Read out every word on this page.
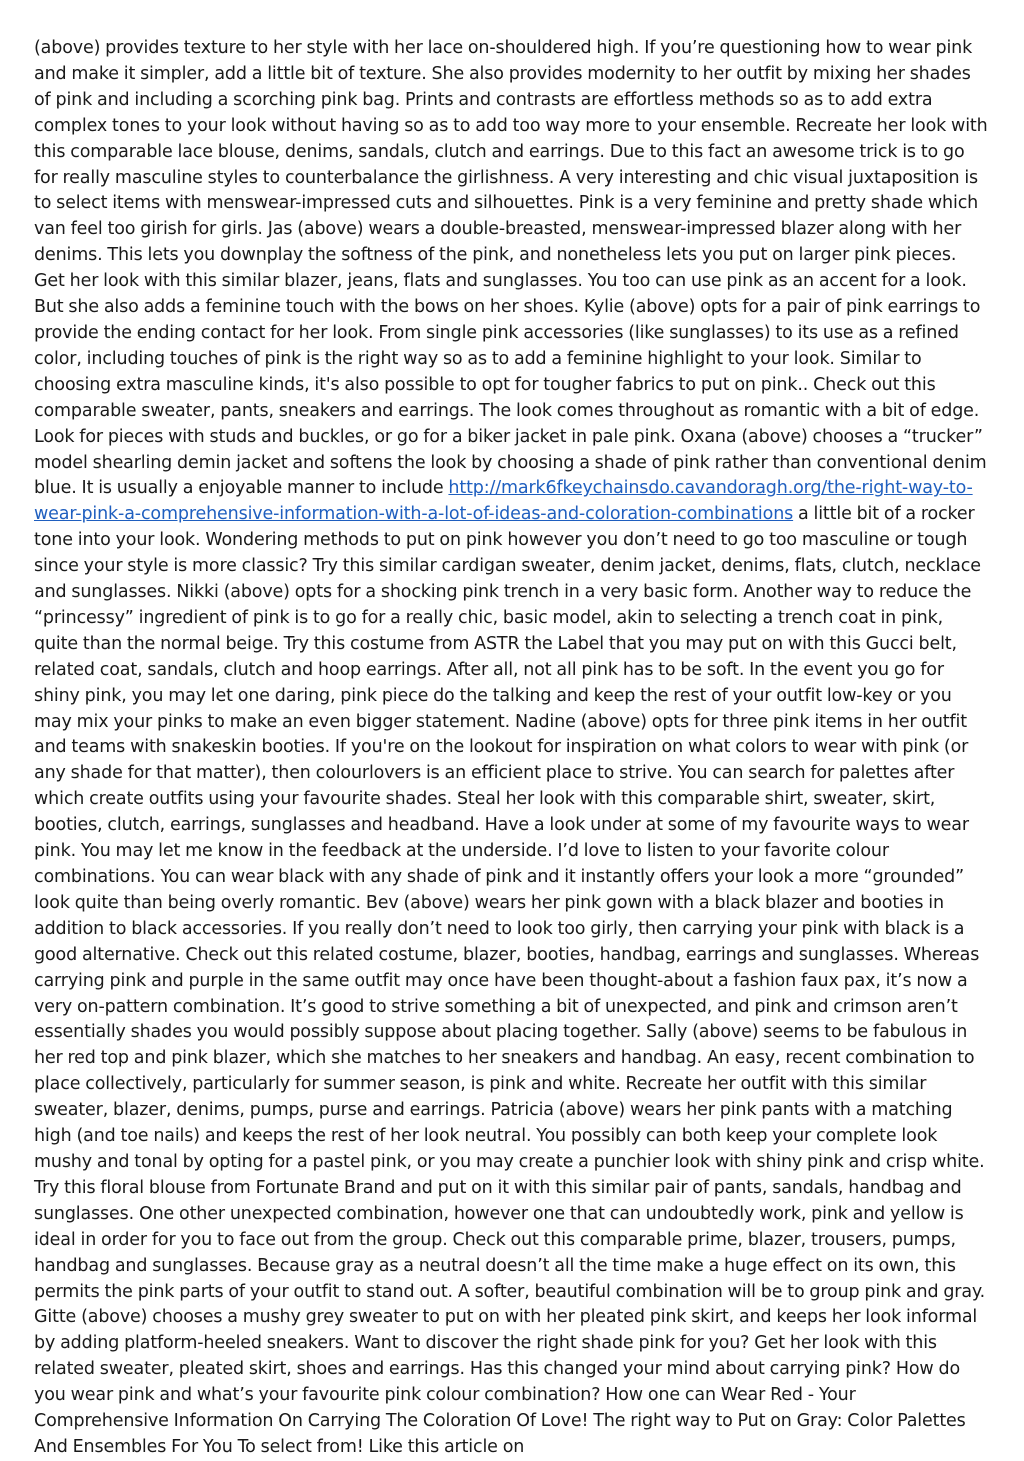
(above) provides texture to her style with her lace on-shouldered high. If you’re questioning how to wear pink and make it simpler, add a little bit of texture. She also provides modernity to her outfit by mixing her shades of pink and including a scorching pink bag. Prints and contrasts are effortless methods so as to add extra complex tones to your look without having so as to add too way more to your ensemble. Recreate her look with this comparable lace blouse, denims, sandals, clutch and earrings. Due to this fact an awesome trick is to go for really masculine styles to counterbalance the girlishness. A very interesting and chic visual juxtaposition is to select items with menswear-impressed cuts and silhouettes. Pink is a very feminine and pretty shade which van feel too girish for girls. Jas (above) wears a double-breasted, menswear-impressed blazer along with her denims. This lets you downplay the softness of the pink, and nonetheless lets you put on larger pink pieces. Get her look with this similar blazer, jeans, flats and sunglasses. You too can use pink as an accent for a look. But she also adds a feminine touch with the bows on her shoes. Kylie (above) opts for a pair of pink earrings to provide the ending contact for her look. From single pink accessories (like sunglasses) to its use as a refined color, including touches of pink is the right way so as to add a feminine highlight to your look. Similar to choosing extra masculine kinds, it's also possible to opt for tougher fabrics to put on pink.. Check out this comparable sweater, pants, sneakers and earrings. The look comes throughout as romantic with a bit of edge. Look for pieces with studs and buckles, or go for a biker jacket in pale pink. Oxana (above) chooses a “trucker” model shearling demin jacket and softens the look by choosing a shade of pink rather than conventional denim blue. It is usually a enjoyable manner to include http://mark6fkeychainsdo.cavandoragh.org/the-right-way-to-wear-pink-a-comprehensive-information-with-a-lot-of-ideas-and-coloration-combinations a little bit of a rocker tone into your look. Wondering methods to put on pink however you don’t need to go too masculine or tough since your style is more classic? Try this similar cardigan sweater, denim jacket, denims, flats, clutch, necklace and sunglasses. Nikki (above) opts for a shocking pink trench in a very basic form. Another way to reduce the “princessy” ingredient of pink is to go for a really chic, basic model, akin to selecting a trench coat in pink, quite than the normal beige. Try this costume from ASTR the Label that you may put on with this Gucci belt, related coat, sandals, clutch and hoop earrings. After all, not all pink has to be soft. In the event you go for shiny pink, you may let one daring, pink piece do the talking and keep the rest of your outfit low-key or you may mix your pinks to make an even bigger statement. Nadine (above) opts for three pink items in her outfit and teams with snakeskin booties. If you're on the lookout for inspiration on what colors to wear with pink (or any shade for that matter), then colourlovers is an efficient place to strive. You can search for palettes after which create outfits using your favourite shades. Steal her look with this comparable shirt, sweater, skirt, booties, clutch, earrings, sunglasses and headband. Have a look under at some of my favourite ways to wear pink. You may let me know in the feedback at the underside. I’d love to listen to your favorite colour combinations. You can wear black with any shade of pink and it instantly offers your look a more “grounded” look quite than being overly romantic. Bev (above) wears her pink gown with a black blazer and booties in addition to black accessories. If you really don’t need to look too girly, then carrying your pink with black is a good alternative. Check out this related costume, blazer, booties, handbag, earrings and sunglasses. Whereas carrying pink and purple in the same outfit may once have been thought-about a fashion faux pax, it’s now a very on-pattern combination. It’s good to strive something a bit of unexpected, and pink and crimson aren’t essentially shades you would possibly suppose about placing together. Sally (above) seems to be fabulous in her red top and pink blazer, which she matches to her sneakers and handbag. An easy, recent combination to place collectively, particularly for summer season, is pink and white. Recreate her outfit with this similar sweater, blazer, denims, pumps, purse and earrings. Patricia (above) wears her pink pants with a matching high (and toe nails) and keeps the rest of her look neutral. You possibly can both keep your complete look mushy and tonal by opting for a pastel pink, or you may create a punchier look with shiny pink and crisp white. Try this floral blouse from Fortunate Brand and put on it with this similar pair of pants, sandals, handbag and sunglasses. One other unexpected combination, however one that can undoubtedly work, pink and yellow is ideal in order for you to face out from the group. Check out this comparable prime, blazer, trousers, pumps, handbag and sunglasses. Because gray as a neutral doesn’t all the time make a huge effect on its own, this permits the pink parts of your outfit to stand out. A softer, beautiful combination will be to group pink and gray. Gitte (above) chooses a mushy grey sweater to put on with her pleated pink skirt, and keeps her look informal by adding platform-heeled sneakers. Want to discover the right shade pink for you? Get her look with this related sweater, pleated skirt, shoes and earrings. Has this changed your mind about carrying pink? How do you wear pink and what’s your favourite pink colour combination? How one can Wear Red - Your Comprehensive Information On Carrying The Coloration Of Love! The right way to Put on Gray: Color Palettes And Ensembles For You To select from! Like this article on
